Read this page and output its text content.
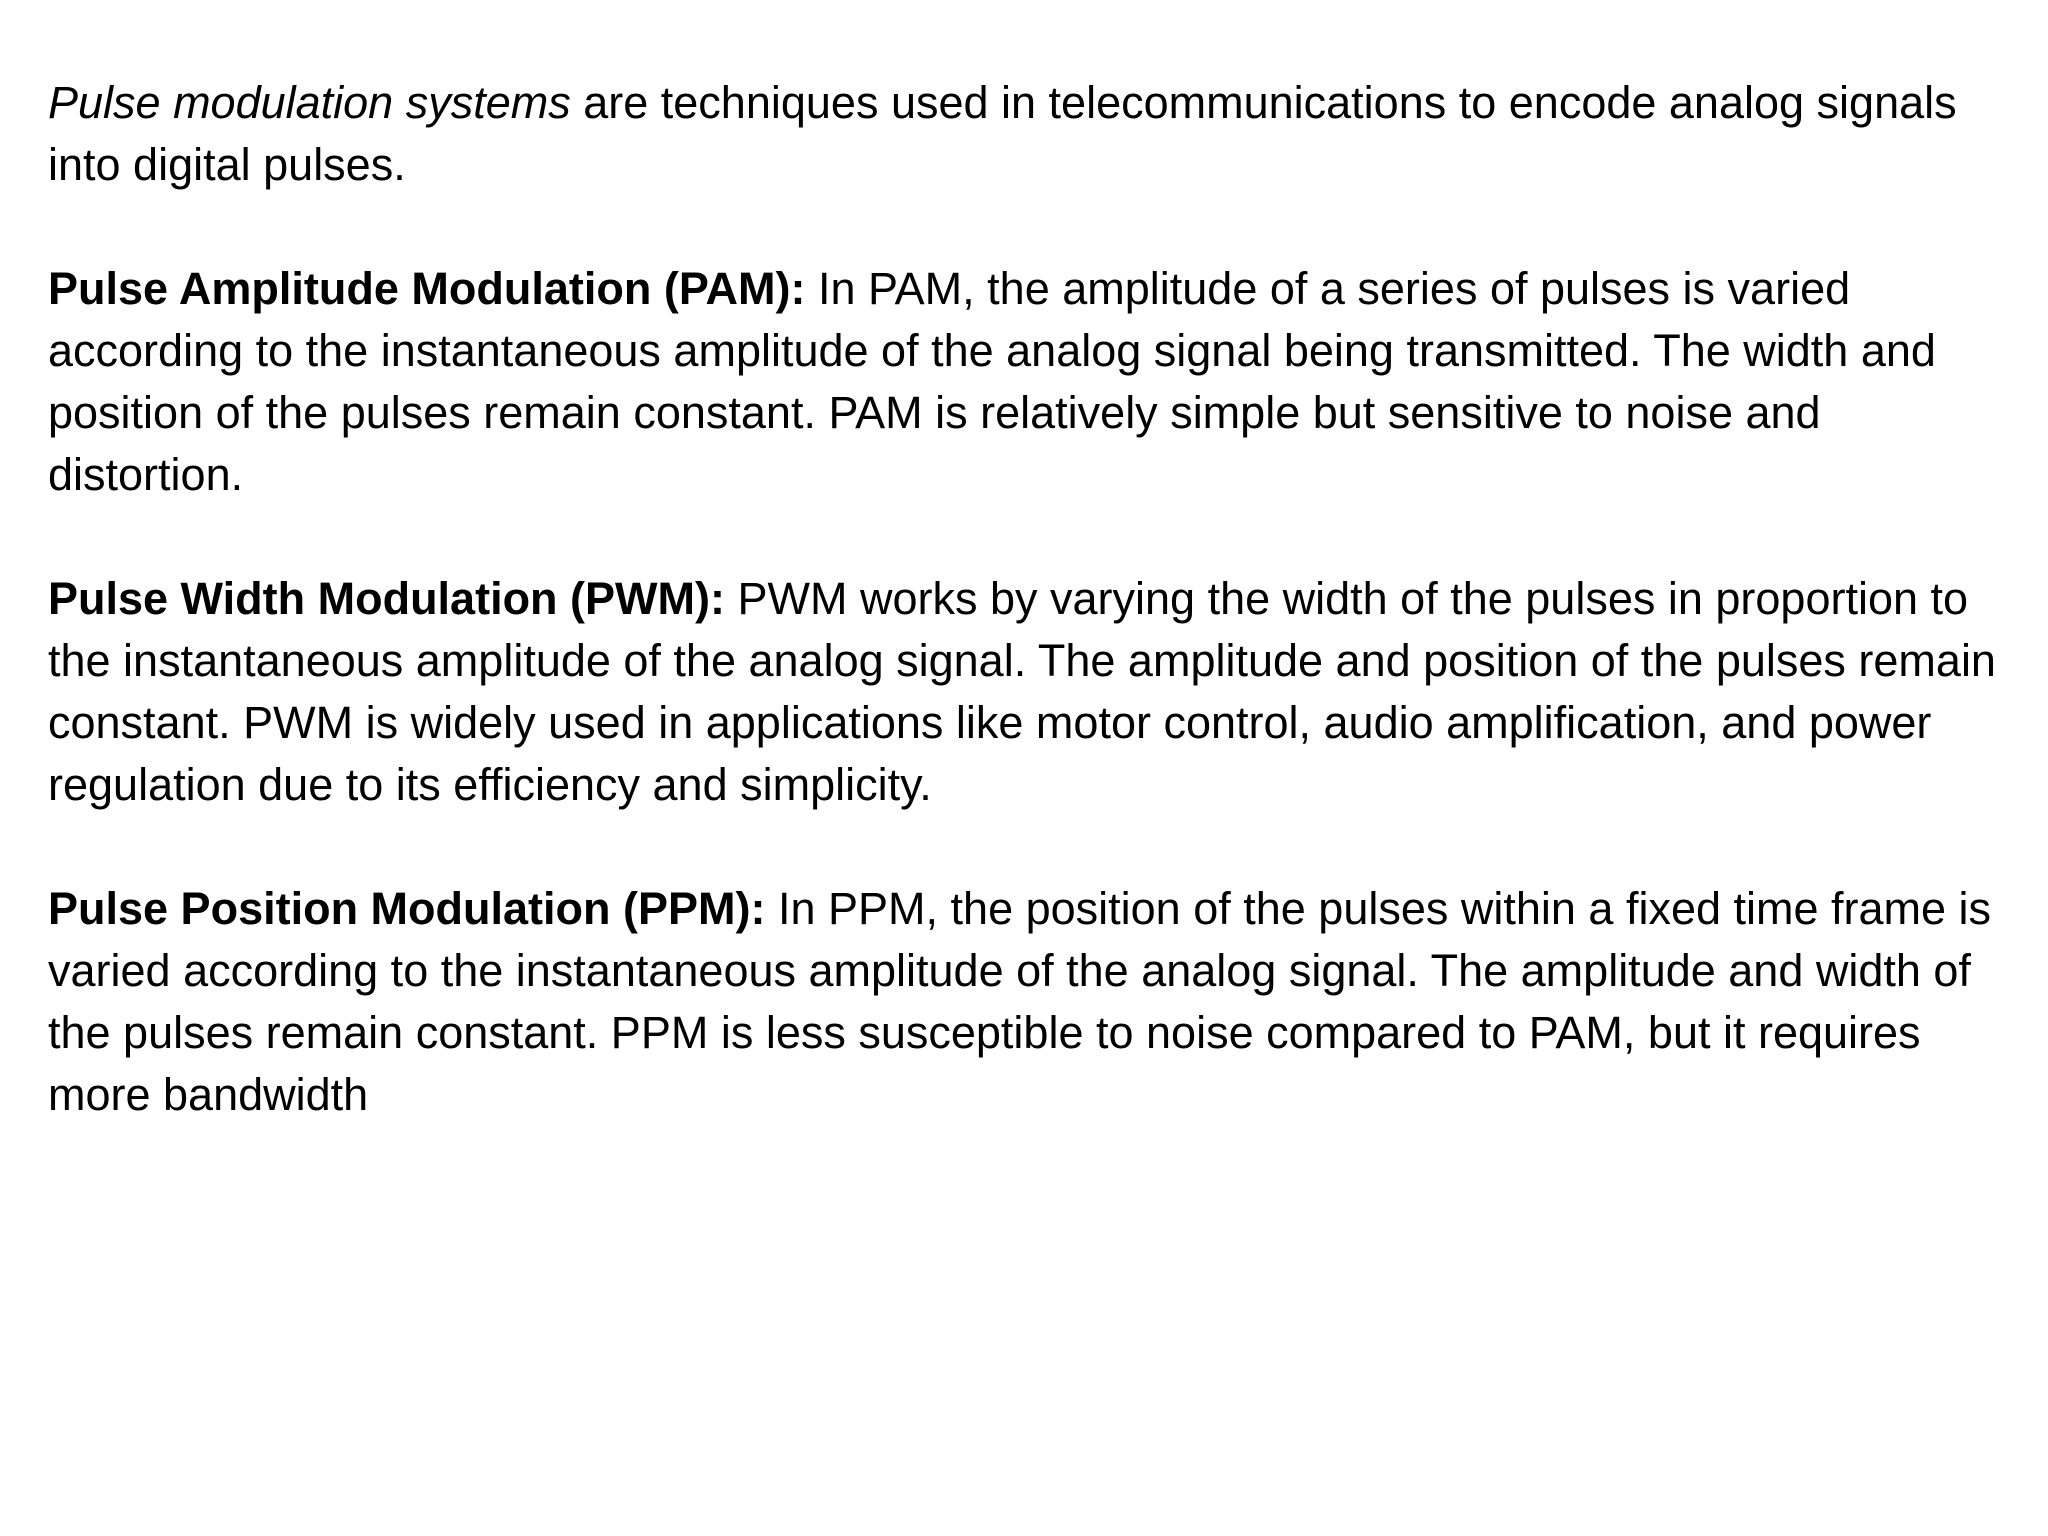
Pulse modulation systems are techniques used in telecommunications to encode analog signals into digital pulses.

Pulse Amplitude Modulation (PAM): In PAM, the amplitude of a series of pulses is varied according to the instantaneous amplitude of the analog signal being transmitted. The width and position of the pulses remain constant. PAM is relatively simple but sensitive to noise and distortion.

Pulse Width Modulation (PWM): PWM works by varying the width of the pulses in proportion to the instantaneous amplitude of the analog signal. The amplitude and position of the pulses remain constant. PWM is widely used in applications like motor control, audio amplification, and power regulation due to its efficiency and simplicity.

Pulse Position Modulation (PPM): In PPM, the position of the pulses within a fixed time frame is varied according to the instantaneous amplitude of the analog signal. The amplitude and width of the pulses remain constant. PPM is less susceptible to noise compared to PAM, but it requires more bandwidth
